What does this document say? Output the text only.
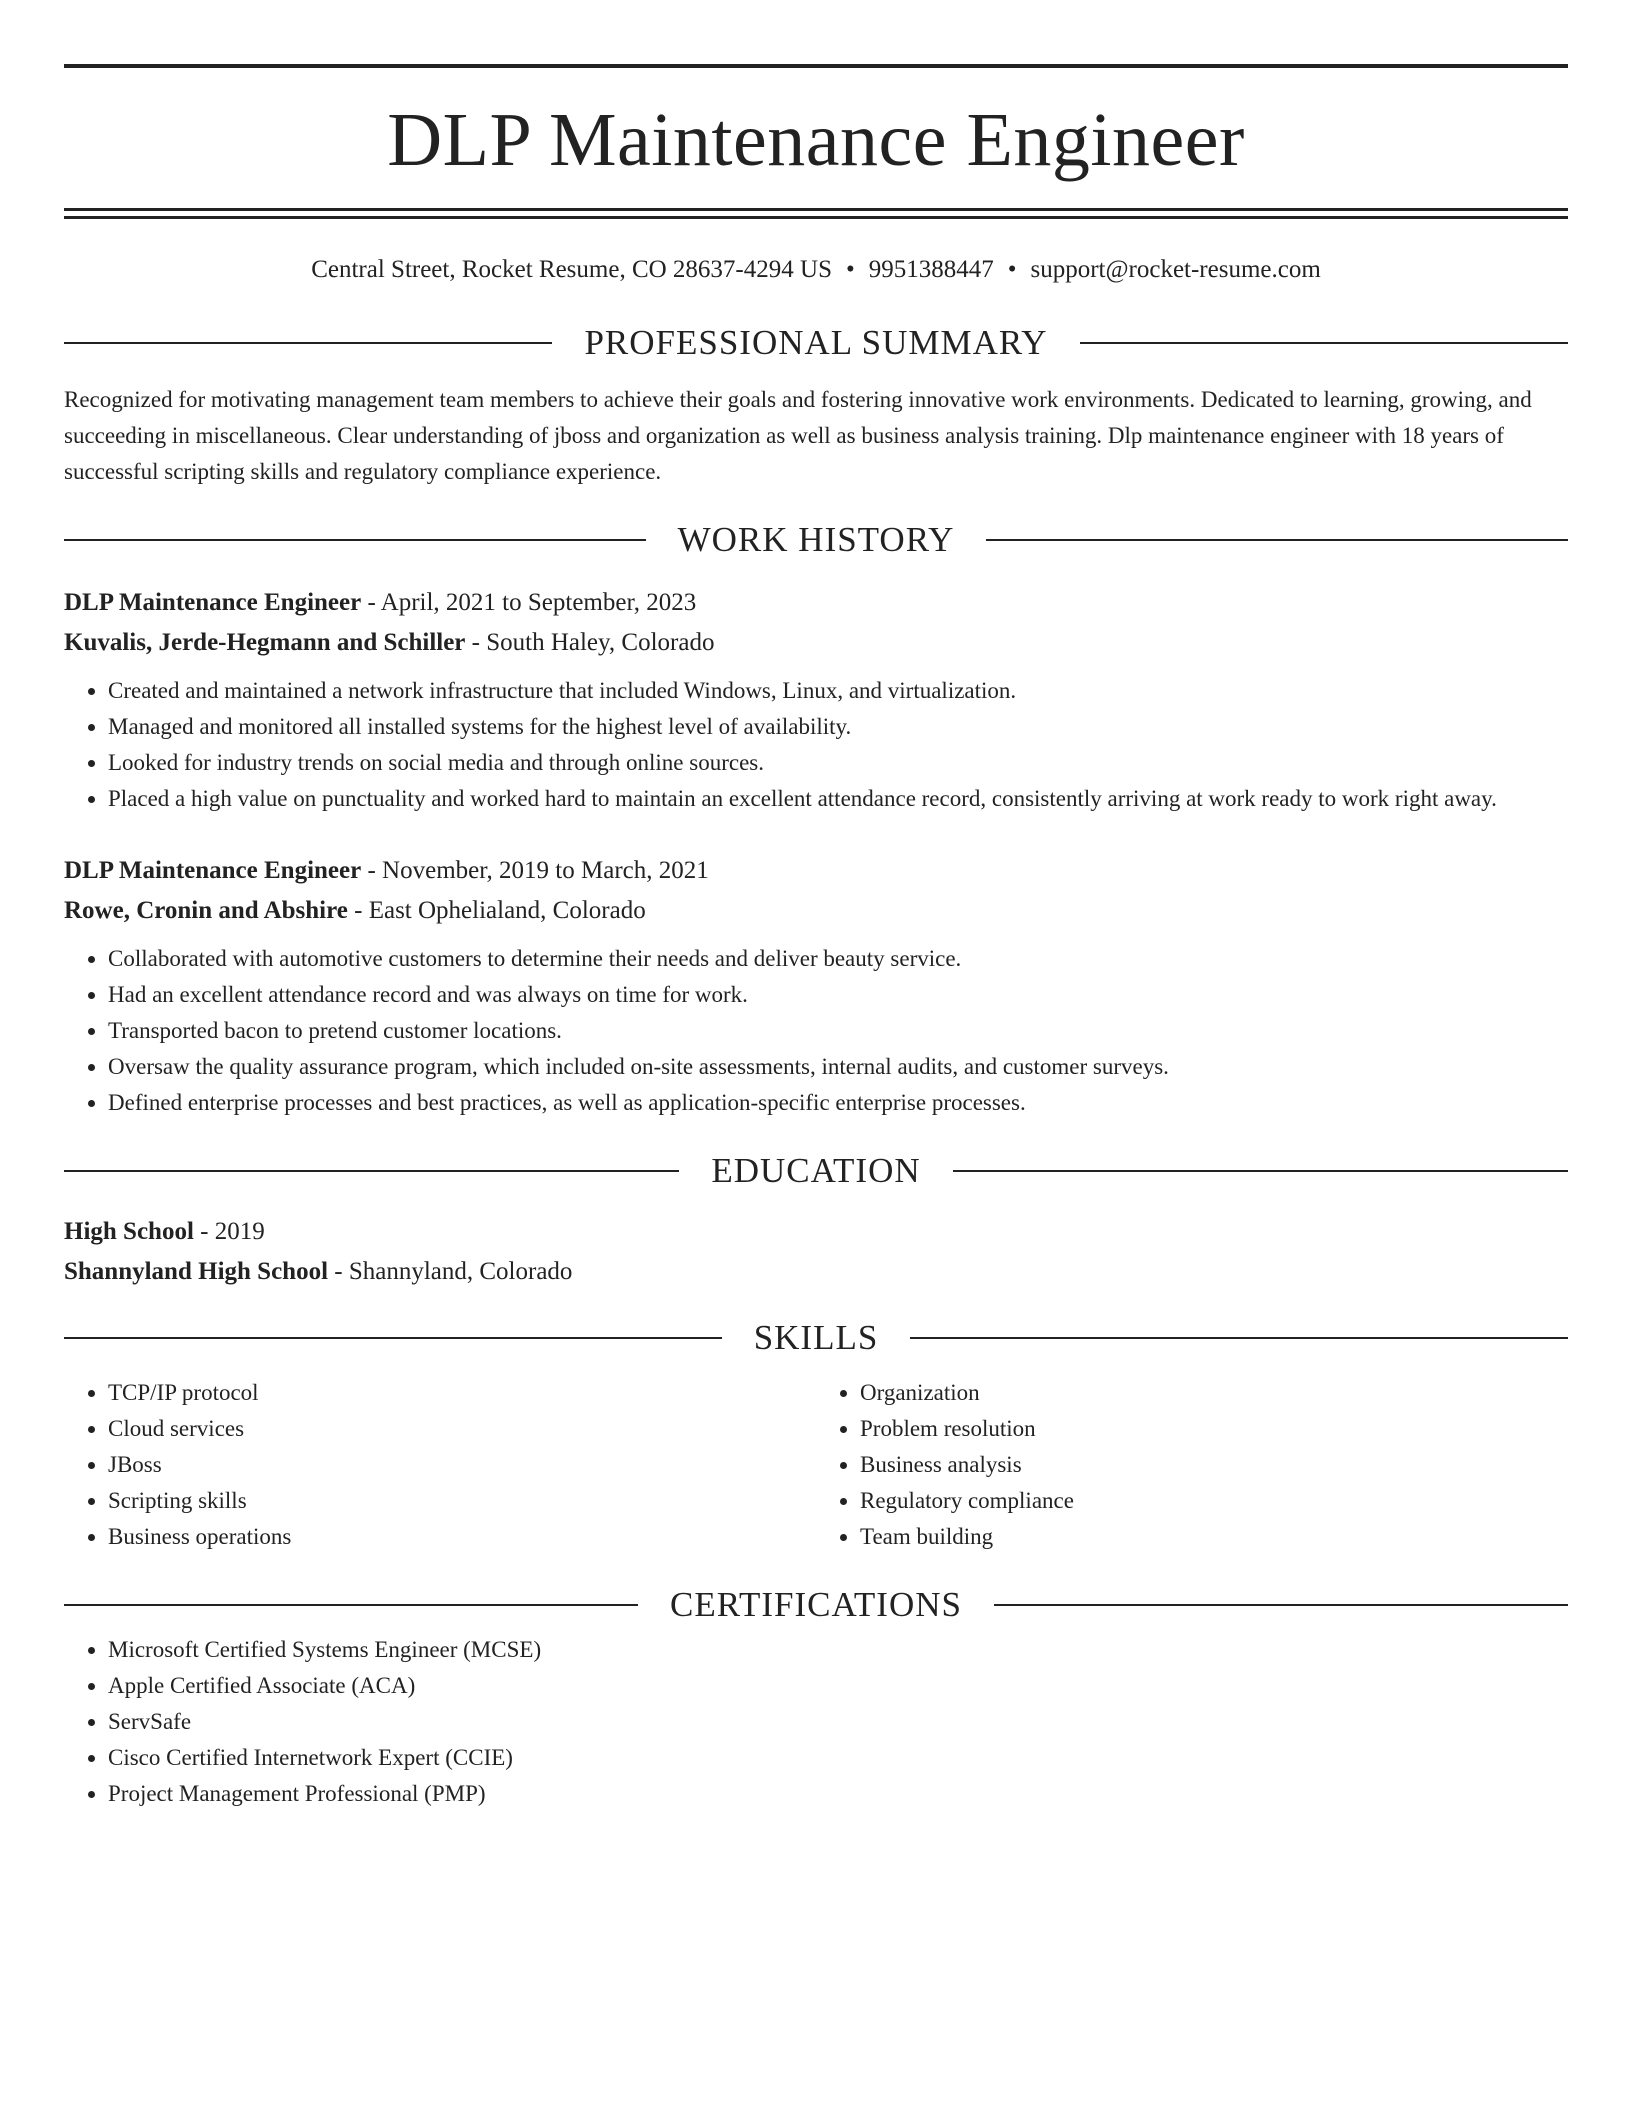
DLP Maintenance Engineer
Central Street, Rocket Resume, CO 28637-4294 US • 9951388447 • support@rocket-resume.com
PROFESSIONAL SUMMARY
Recognized for motivating management team members to achieve their goals and fostering innovative work environments. Dedicated to learning, growing, and succeeding in miscellaneous. Clear understanding of jboss and organization as well as business analysis training. Dlp maintenance engineer with 18 years of successful scripting skills and regulatory compliance experience.
WORK HISTORY
DLP Maintenance Engineer - April, 2021 to September, 2023
Kuvalis, Jerde-Hegmann and Schiller - South Haley, Colorado
• Created and maintained a network infrastructure that included Windows, Linux, and virtualization.
• Managed and monitored all installed systems for the highest level of availability.
• Looked for industry trends on social media and through online sources.
• Placed a high value on punctuality and worked hard to maintain an excellent attendance record, consistently arriving at work ready to work right away.
DLP Maintenance Engineer - November, 2019 to March, 2021
Rowe, Cronin and Abshire - East Ophelialand, Colorado
• Collaborated with automotive customers to determine their needs and deliver beauty service.
• Had an excellent attendance record and was always on time for work.
• Transported bacon to pretend customer locations.
• Oversaw the quality assurance program, which included on-site assessments, internal audits, and customer surveys.
• Defined enterprise processes and best practices, as well as application-specific enterprise processes.
EDUCATION
High School - 2019
Shannyland High School - Shannyland, Colorado
SKILLS
• TCP/IP protocol
• Cloud services
• JBoss
• Scripting skills
• Business operations
• Organization
• Problem resolution
• Business analysis
• Regulatory compliance
• Team building
CERTIFICATIONS
• Microsoft Certified Systems Engineer (MCSE)
• Apple Certified Associate (ACA)
• ServSafe
• Cisco Certified Internetwork Expert (CCIE)
• Project Management Professional (PMP)
